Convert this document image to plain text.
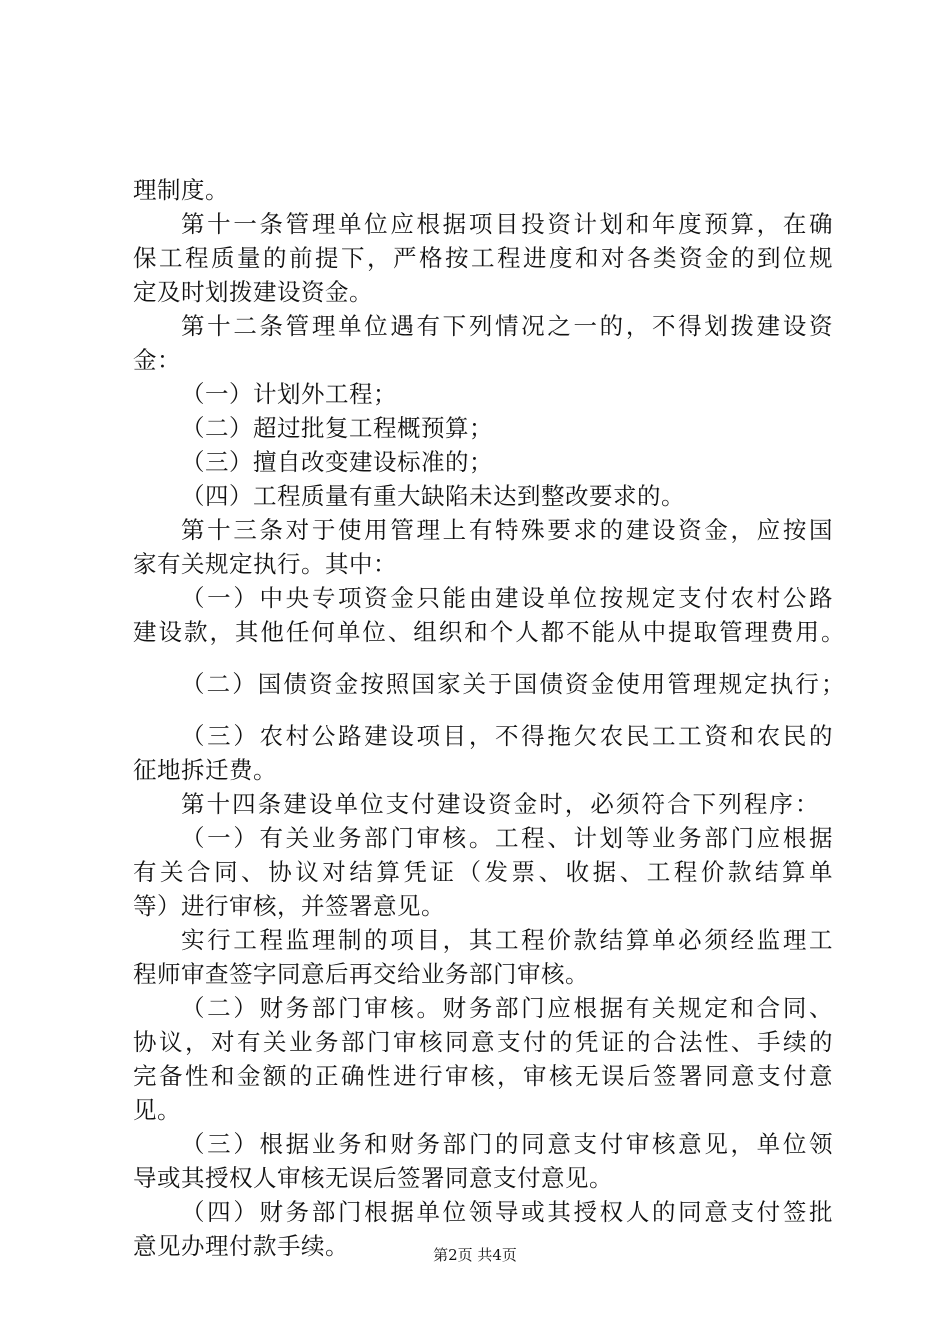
理制度。
第十一条管理单位应根据项目投资计划和年度预算，在确
保工程质量的前提下，严格按工程进度和对各类资金的到位规
定及时划拨建设资金。
第十二条管理单位遇有下列情况之一的，不得划拨建设资
金：
（一）计划外工程；
（二）超过批复工程概预算；
（三）擅自改变建设标准的；
（四）工程质量有重大缺陷未达到整改要求的。
第十三条对于使用管理上有特殊要求的建设资金，应按国
家有关规定执行。其中：
（一）中央专项资金只能由建设单位按规定支付农村公路
建设款，其他任何单位、组织和个人都不能从中提取管理费用。
（二）国债资金按照国家关于国债资金使用管理规定执行；
（三）农村公路建设项目，不得拖欠农民工工资和农民的
征地拆迁费。
第十四条建设单位支付建设资金时，必须符合下列程序：
（一）有关业务部门审核。工程、计划等业务部门应根据
有关合同、协议对结算凭证（发票、收据、工程价款结算单
等）进行审核，并签署意见。
实行工程监理制的项目，其工程价款结算单必须经监理工
程师审查签字同意后再交给业务部门审核。
（二）财务部门审核。财务部门应根据有关规定和合同、
协议，对有关业务部门审核同意支付的凭证的合法性、手续的
完备性和金额的正确性进行审核，审核无误后签署同意支付意
见。
（三）根据业务和财务部门的同意支付审核意见，单位领
导或其授权人审核无误后签署同意支付意见。
（四）财务部门根据单位领导或其授权人的同意支付签批
意见办理付款手续。	第2页 共4页
